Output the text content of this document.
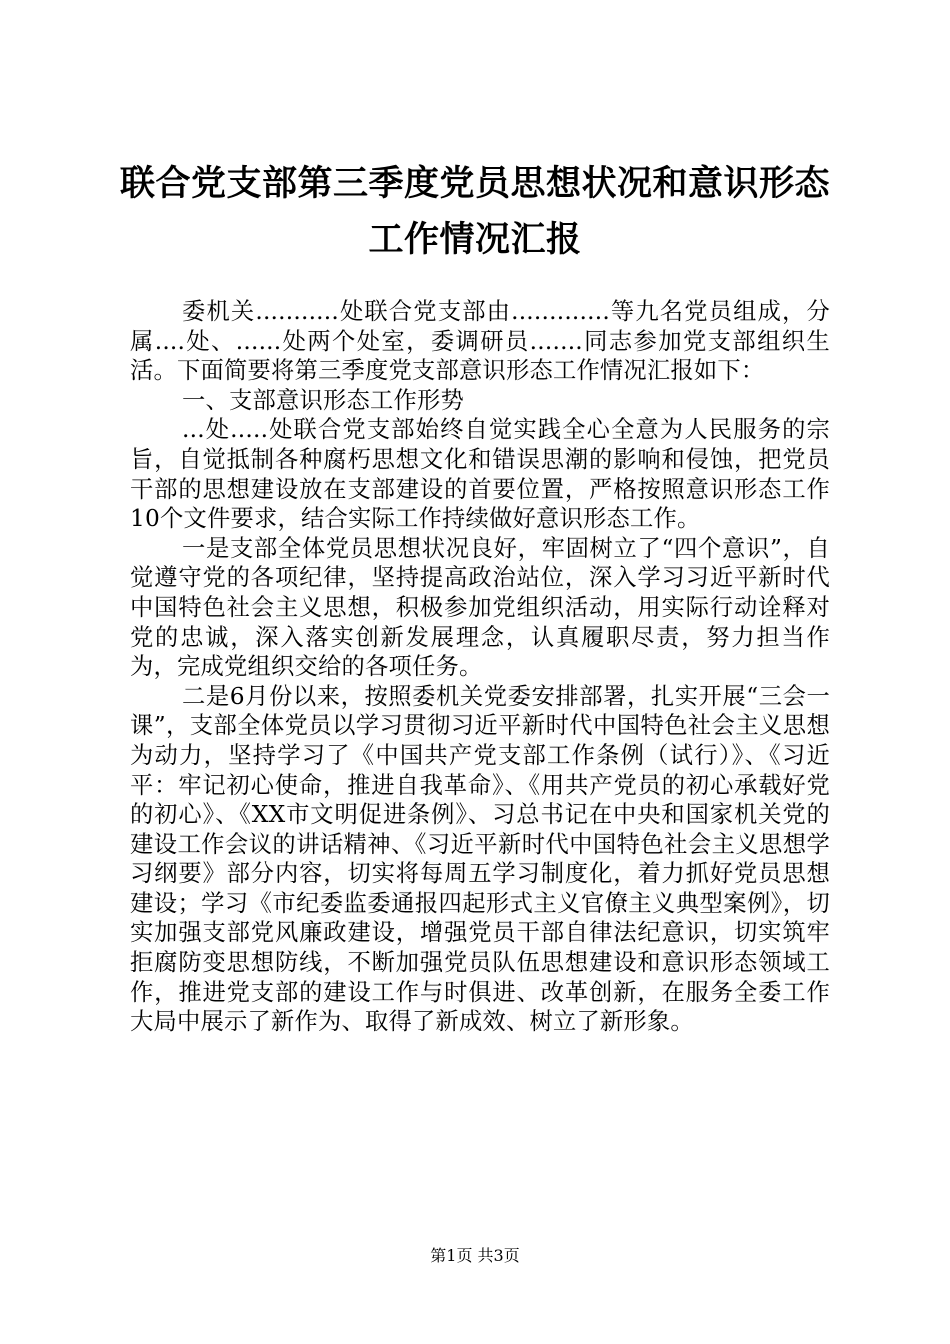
联合党支部第三季度党员思想状况和意识形态
工作情况汇报

委机关...........处联合党支部由.............等九名党员组成，分属....处、......处两个处室，委调研员.......同志参加党支部组织生活。下面简要将第三季度党支部意识形态工作情况汇报如下：

一、支部意识形态工作形势

...处.....处联合党支部始终自觉实践全心全意为人民服务的宗旨，自觉抵制各种腐朽思想文化和错误思潮的影响和侵蚀，把党员干部的思想建设放在支部建设的首要位置，严格按照意识形态工作10个文件要求，结合实际工作持续做好意识形态工作。

一是支部全体党员思想状况良好，牢固树立了“四个意识”，自觉遵守党的各项纪律，坚持提高政治站位，深入学习习近平新时代中国特色社会主义思想，积极参加党组织活动，用实际行动诠释对党的忠诚，深入落实创新发展理念，认真履职尽责，努力担当作为，完成党组织交给的各项任务。

二是6月份以来，按照委机关党委安排部署，扎实开展“三会一课”，支部全体党员以学习贯彻习近平新时代中国特色社会主义思想为动力，坚持学习了《中国共产党支部工作条例（试行）》、《习近平：牢记初心使命，推进自我革命》、《用共产党员的初心承载好党的初心》、《XX市文明促进条例》、习总书记在中央和国家机关党的建设工作会议的讲话精神、《习近平新时代中国特色社会主义思想学习纲要》部分内容，切实将每周五学习制度化，着力抓好党员思想建设；学习《市纪委监委通报四起形式主义官僚主义典型案例》，切实加强支部党风廉政建设，增强党员干部自律法纪意识，切实筑牢拒腐防变思想防线，不断加强党员队伍思想建设和意识形态领域工作，推进党支部的建设工作与时俱进、改革创新，在服务全委工作大局中展示了新作为、取得了新成效、树立了新形象。

第1页 共3页
